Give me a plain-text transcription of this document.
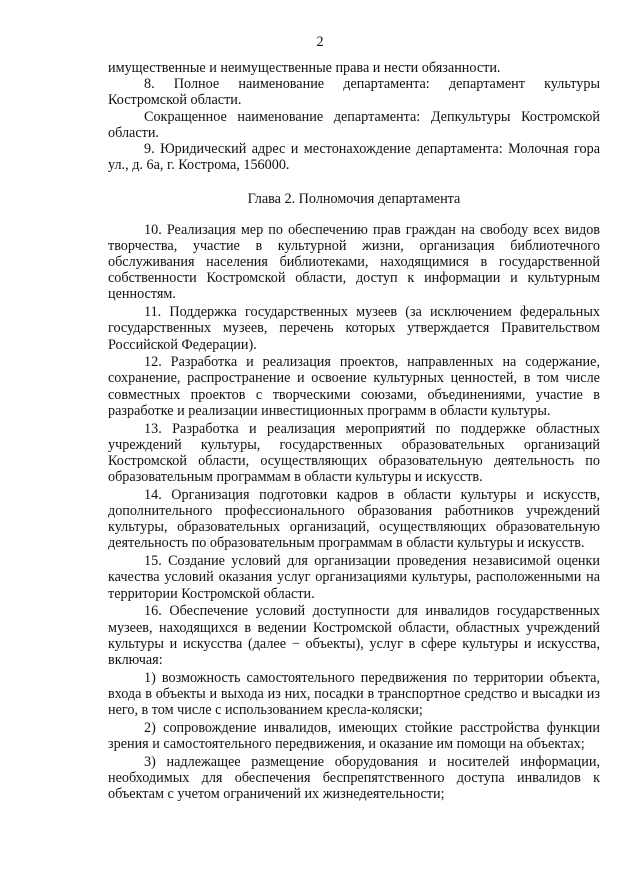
2

имущественные и неимущественные права и нести обязанности.

8. Полное наименование департамента: департамент культуры Костромской области.

Сокращенное наименование департамента: Депкультуры Костромской области.

9. Юридический адрес и местонахождение департамента: Молочная гора ул., д. 6а, г. Кострома, 156000.

Глава 2. Полномочия департамента

10. Реализация мер по обеспечению прав граждан на свободу всех видов творчества, участие в культурной жизни, организация библиотечного обслуживания населения библиотеками, находящимися в государственной собственности Костромской области, доступ к информации и культурным ценностям.

11. Поддержка государственных музеев (за исключением федеральных государственных музеев, перечень которых утверждается Правительством Российской Федерации).

12. Разработка и реализация проектов, направленных на содержание, сохранение, распространение и освоение культурных ценностей, в том числе совместных проектов с творческими союзами, объединениями, участие в разработке и реализации инвестиционных программ в области культуры.

13. Разработка и реализация мероприятий по поддержке областных учреждений культуры, государственных образовательных организаций Костромской области, осуществляющих образовательную деятельность по образовательным программам в области культуры и искусств.

14. Организация подготовки кадров в области культуры и искусств, дополнительного профессионального образования работников учреждений культуры, образовательных организаций, осуществляющих образовательную деятельность по образовательным программам в области культуры и искусств.

15. Создание условий для организации проведения независимой оценки качества условий оказания услуг организациями культуры, расположенными на территории Костромской области.

16. Обеспечение условий доступности для инвалидов государственных музеев, находящихся в ведении Костромской области, областных учреждений культуры и искусства (далее − объекты), услуг в сфере культуры и искусства, включая:

1) возможность самостоятельного передвижения по территории объекта, входа в объекты и выхода из них, посадки в транспортное средство и высадки из него, в том числе с использованием кресла-коляски;

2) сопровождение инвалидов, имеющих стойкие расстройства функции зрения и самостоятельного передвижения, и оказание им помощи на объектах;

3) надлежащее размещение оборудования и носителей информации, необходимых для обеспечения беспрепятственного доступа инвалидов к объектам с учетом ограничений их жизнедеятельности;
